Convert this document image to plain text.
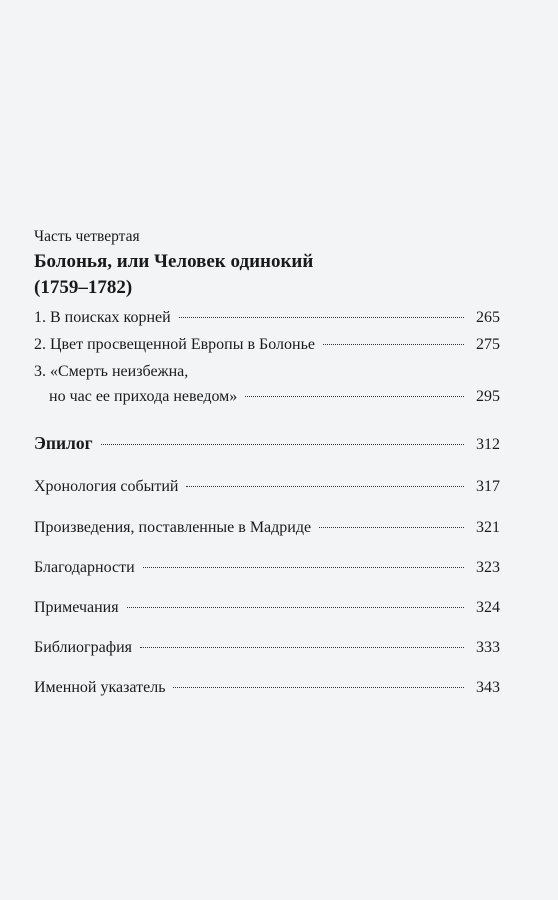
Часть четвертая
Болонья, или Человек одинокий
(1759–1782)
1. В поисках корней	265
2. Цвет просвещенной Европы в Болонье	275
3. «Смерть неизбежна,
но час ее прихода неведом»	295
Эпилог	312
Хронология событий	317
Произведения, поставленные в Мадриде	321
Благодарности	323
Примечания	324
Библиография	333
Именной указатель	343
